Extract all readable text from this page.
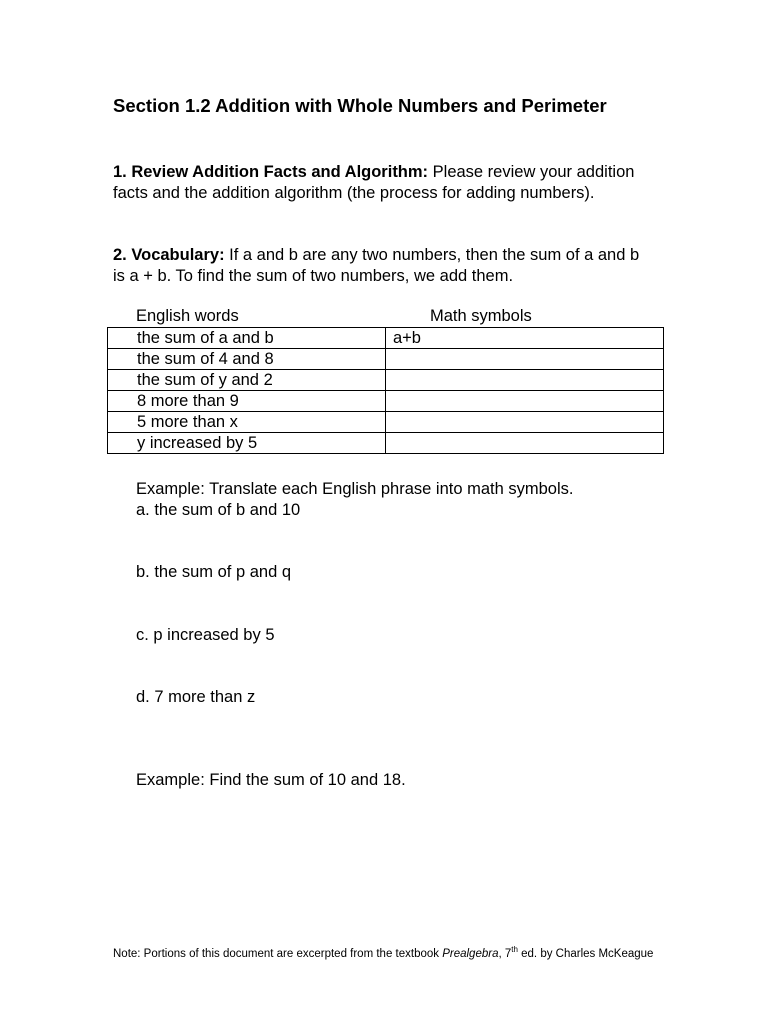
Section 1.2 Addition with Whole Numbers and Perimeter
1. Review Addition Facts and Algorithm: Please review your addition facts and the addition algorithm (the process for adding numbers).
2. Vocabulary: If a and b are any two numbers, then the sum of a and b is a + b. To find the sum of two numbers, we add them.
English words	Math symbols
the sum of a and b	a+b
the sum of 4 and 8	
the sum of y and 2	
8 more than 9	
5 more than x	
y increased by 5	
Example: Translate each English phrase into math symbols.
a. the sum of b and 10
b. the sum of p and q
c. p increased by 5
d. 7 more than z
Example: Find the sum of 10 and 18.
Note: Portions of this document are excerpted from the textbook Prealgebra, 7th ed. by Charles McKeague
